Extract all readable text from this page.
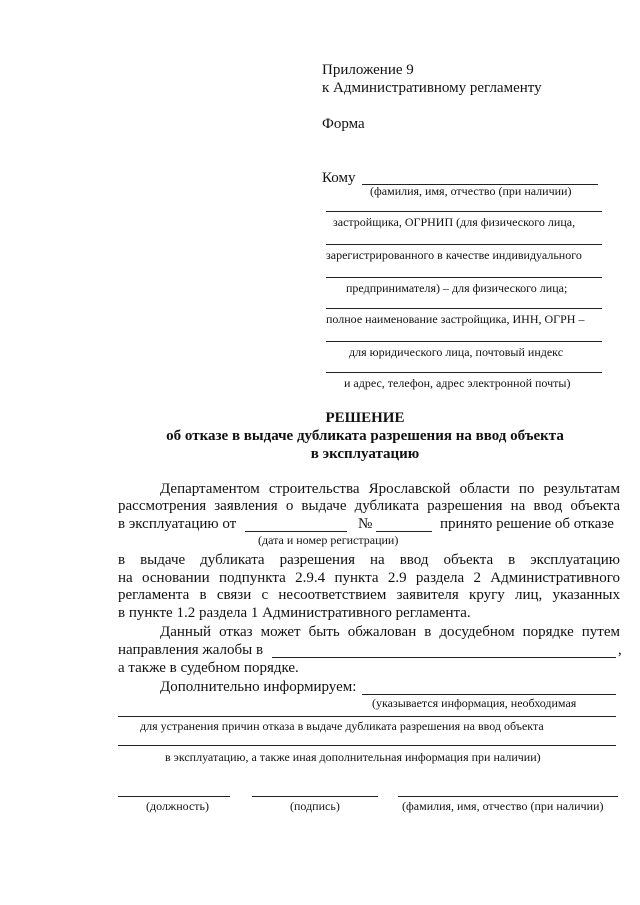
Приложение 9
к Административному регламенту
Форма
Кому
(фамилия, имя, отчество (при наличии)
застройщика, ОГРНИП (для физического лица,
зарегистрированного в качестве индивидуального
предпринимателя) – для физического лица;
полное наименование застройщика, ИНН, ОГРН –
для юридического лица, почтовый индекс
и адрес, телефон, адрес электронной почты)
РЕШЕНИЕ
об отказе в выдаче дубликата разрешения на ввод объекта
в эксплуатацию
Департаментом строительства Ярославской области по результатам
рассмотрения заявления о выдаче дубликата разрешения на ввод объекта
в эксплуатацию от	№	принято решение об отказе
(дата и номер регистрации)
в выдаче дубликата разрешения на ввод объекта в эксплуатацию
на основании подпункта 2.9.4 пункта 2.9 раздела 2 Административного
регламента в связи с несоответствием заявителя кругу лиц, указанных
в пункте 1.2 раздела 1 Административного регламента.
Данный отказ может быть обжалован в досудебном порядке путем
направления жалобы в	,
а также в судебном порядке.
Дополнительно информируем:
(указывается информация, необходимая
для устранения причин отказа в выдаче дубликата разрешения на ввод объекта
в эксплуатацию, а также иная дополнительная информация при наличии)
(должность)	(подпись)	(фамилия, имя, отчество (при наличии)
